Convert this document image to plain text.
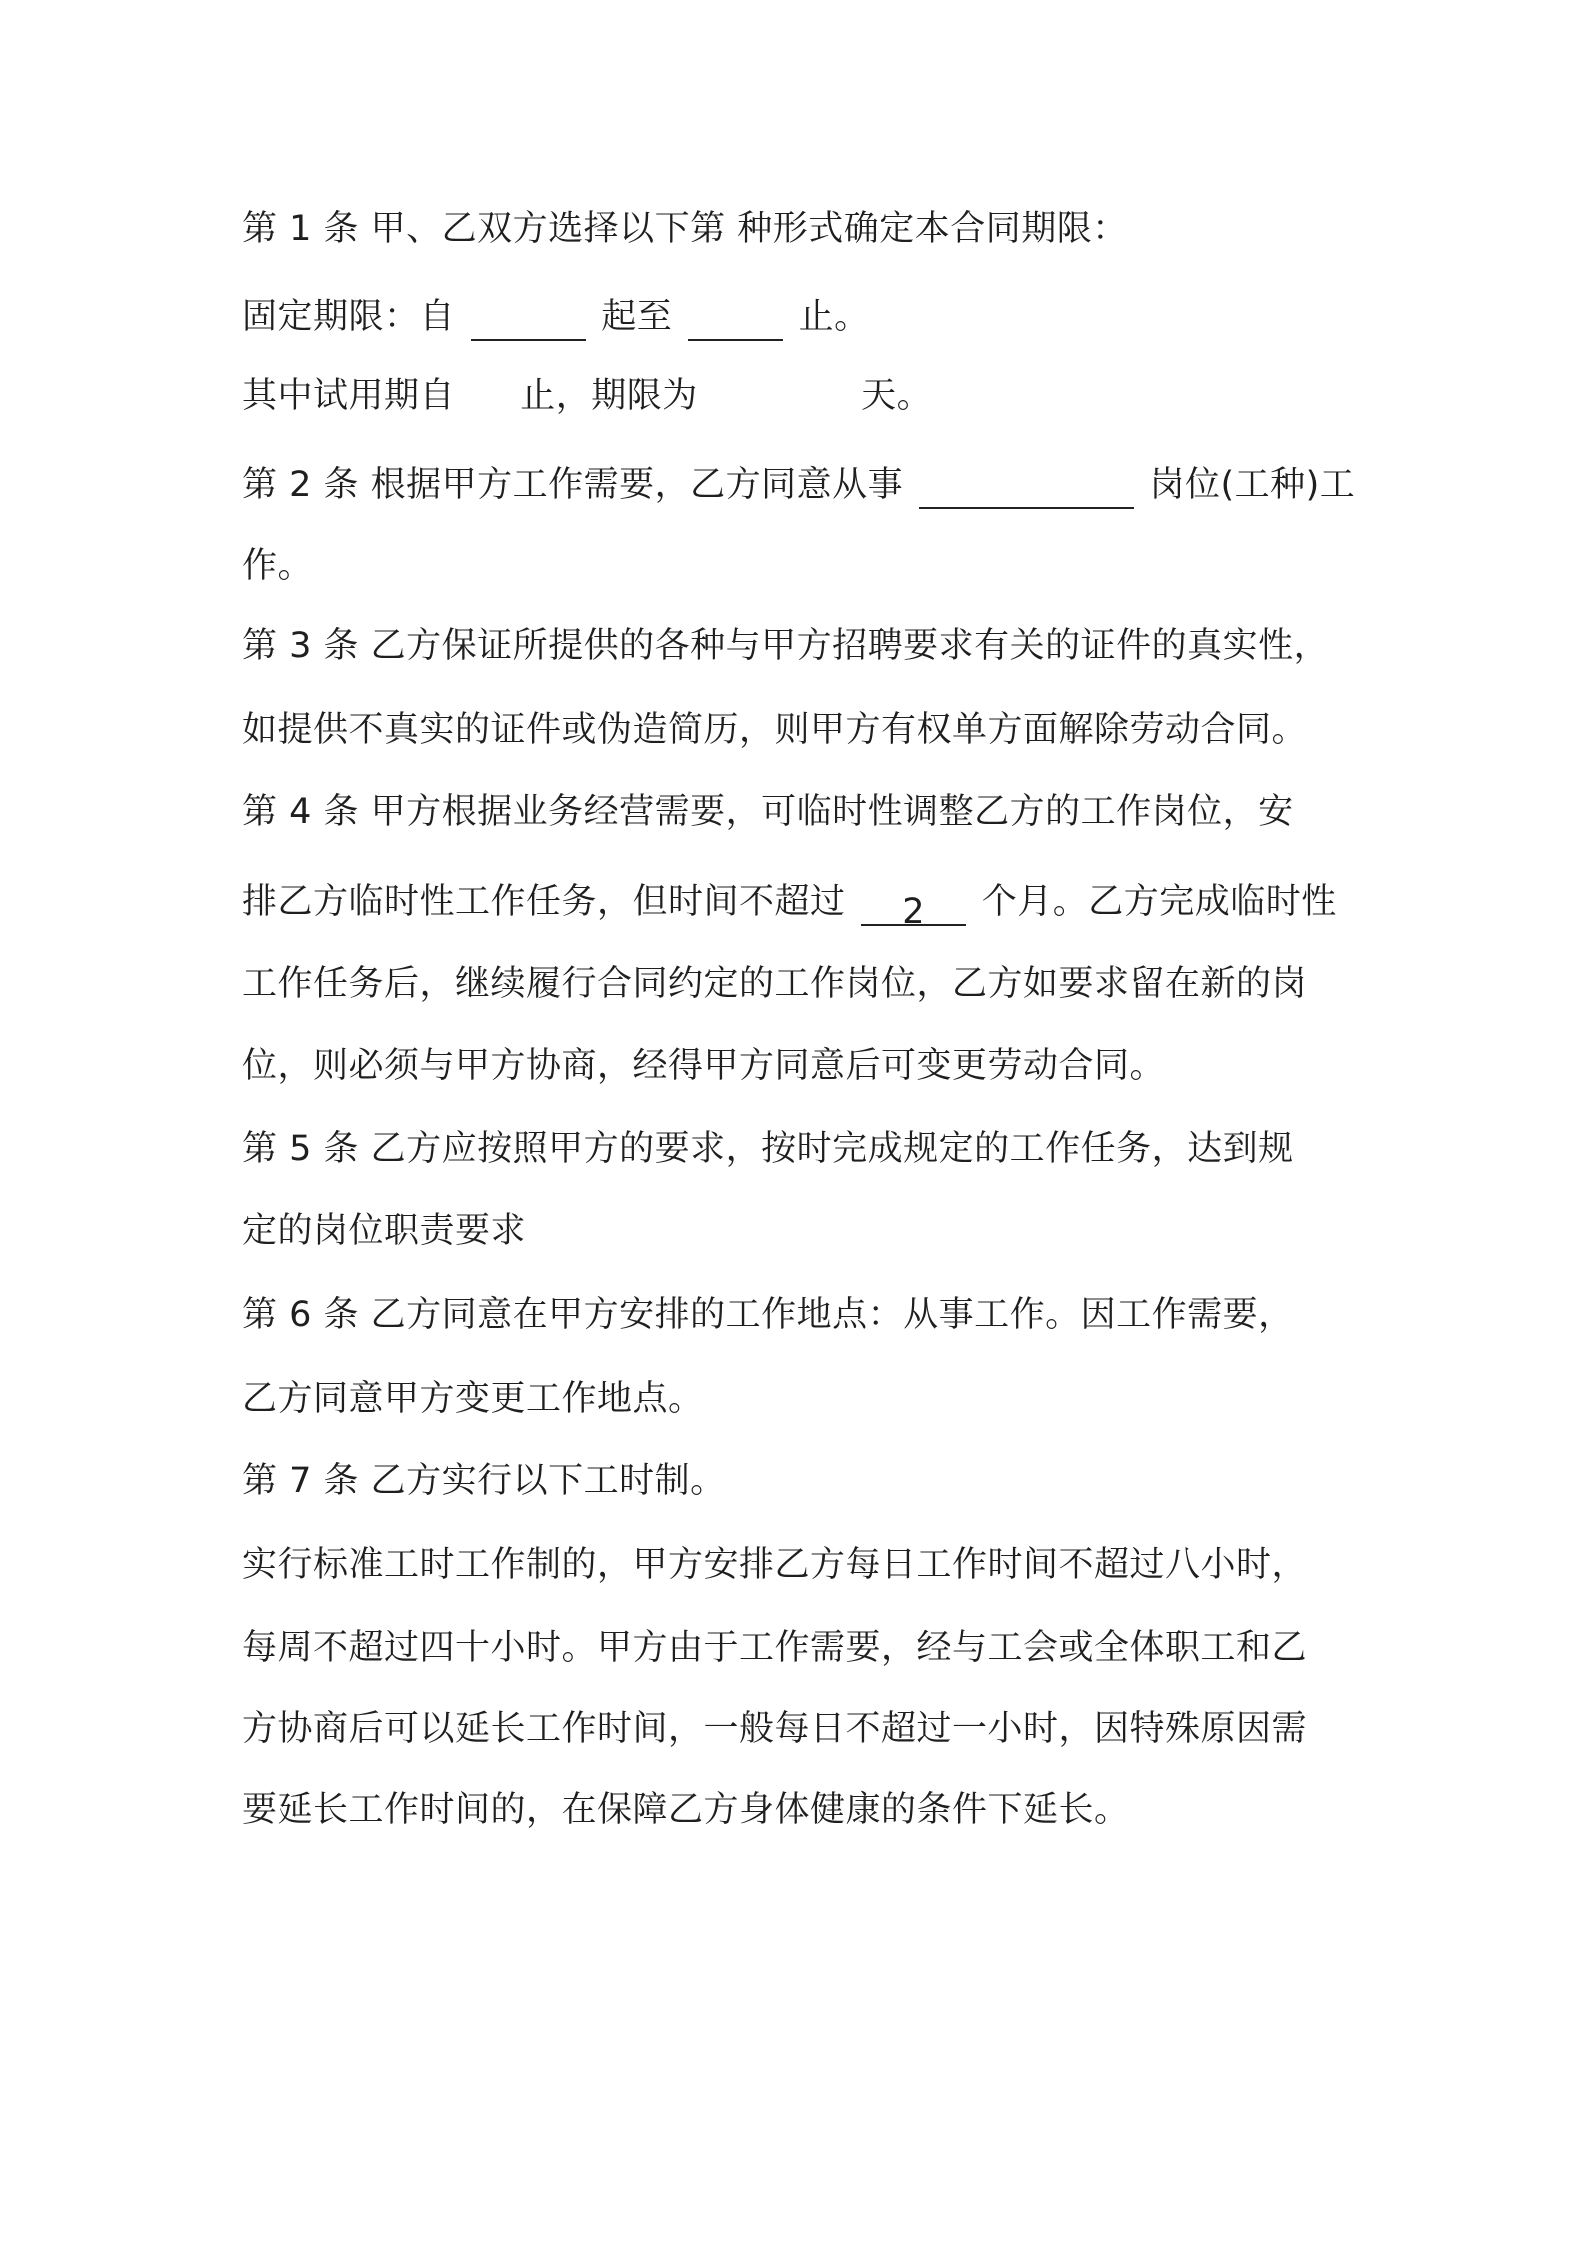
第 1 条 甲、乙双方选择以下第 种形式确定本合同期限：
固定期限：自	起至	止。
其中试用期自 止，期限为	天。
第 2 条 根据甲方工作需要，乙方同意从事	岗位(工种)工
作。
第 3 条 乙方保证所提供的各种与甲方招聘要求有关的证件的真实性，
如提供不真实的证件或伪造简历，则甲方有权单方面解除劳动合同。
第 4 条 甲方根据业务经营需要，可临时性调整乙方的工作岗位，安
排乙方临时性工作任务，但时间不超过 2 个月。乙方完成临时性
工作任务后，继续履行合同约定的工作岗位，乙方如要求留在新的岗
位，则必须与甲方协商，经得甲方同意后可变更劳动合同。
第 5 条 乙方应按照甲方的要求，按时完成规定的工作任务，达到规
定的岗位职责要求
第 6 条 乙方同意在甲方安排的工作地点：从事工作。因工作需要，
乙方同意甲方变更工作地点。
第 7 条 乙方实行以下工时制。
实行标准工时工作制的，甲方安排乙方每日工作时间不超过八小时，
每周不超过四十小时。甲方由于工作需要，经与工会或全体职工和乙
方协商后可以延长工作时间，一般每日不超过一小时，因特殊原因需
要延长工作时间的，在保障乙方身体健康的条件下延长。
